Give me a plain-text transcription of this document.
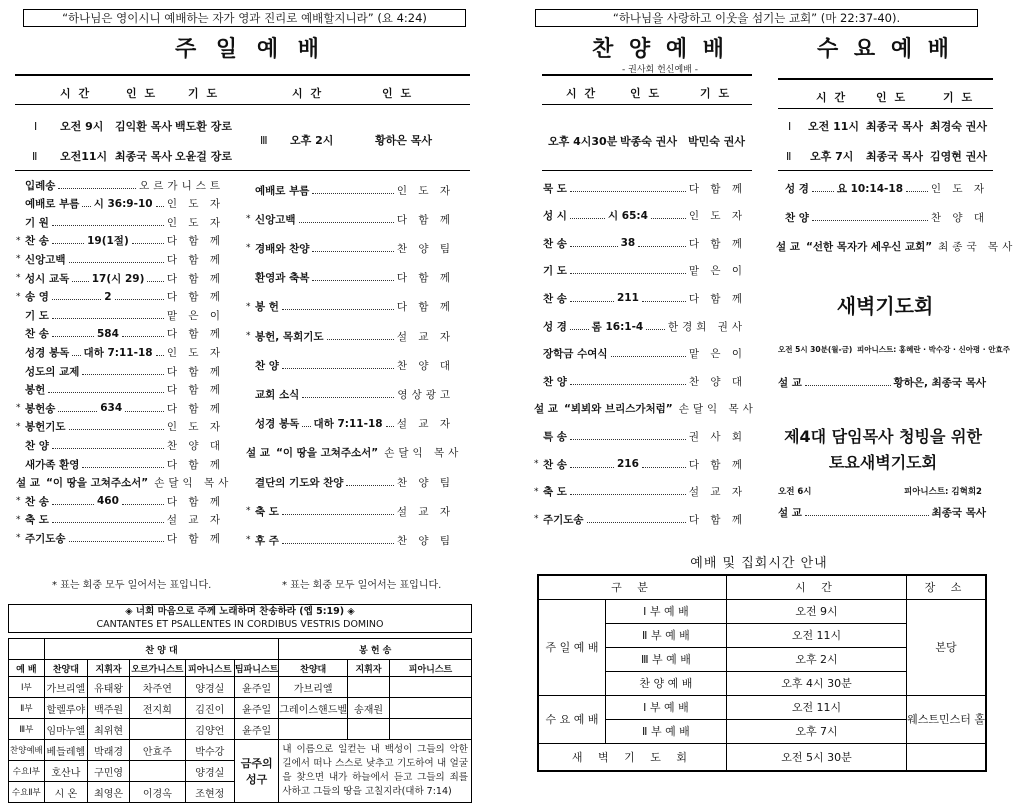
“하나님은 영이시니 예배하는 자가 영과 진리로 예배할지니라” (요 4:24)
주 일 예 배
시 간	인 도	기 도	시 간	인 도
Ⅰ 오전 9시 김익환 목사 백도환 장로
Ⅱ 오전11시 최종국 목사 오윤걸 장로
Ⅲ 오후 2시	황하은 목사
입례송	오르가니스트
예배로 부름 시 36:9-10 인 도 자
기 원	인 도 자
* 찬 송	19(1절)	다 함 께
* 신앙고백	다 함 께
* 성시 교독 17(시 29) 다 함 께
* 송 영	2	다 함 께
기 도	맡 은 이
찬 송	584	다 함 께
성경 봉독 대하 7:11-18 인 도 자
성도의 교제	다 함 께
봉헌	다 함 께
* 봉헌송	634	다 함 께
* 봉헌기도	인 도 자
찬 양	찬 양 대
새가족 환영	다 함 께
설 교 “이 땅을 고쳐주소서” 손달익 목사
* 찬 송	460	다 함 께
* 축 도	설 교 자
* 주기도송	다 함 께
예배로 부름	인 도 자
* 신앙고백	다 함 께
* 경배와 찬양	찬 양 팀
환영과 축복	다 함 께
* 봉 헌	다 함 께
* 봉헌, 목회기도	설 교 자
찬 양	찬 양 대
교회 소식	영상광고
성경 봉독 대하 7:11-18 설 교 자
설 교 “이 땅을 고쳐주소서” 손달익 목사
결단의 기도와 찬양	찬 양 팀
* 축 도	설 교 자
* 후 주	찬 양 팀
* 표는 회중 모두 일어서는 표입니다.	* 표는 회중 모두 일어서는 표입니다.
◈ 너희 마음으로 주께 노래하며 찬송하라 (엡 5:19) ◈
CANTANTES ET PSALLENTES IN CORDIBUS VESTRIS DOMINO
	찬 양 대					봉 헌 송		
예 배	찬양대	지휘자	오르가니스트	피아니스트	팀파니스트	찬양대	지휘자	피아니스트
Ⅰ부	가브리엘	유태왕	차주연	양경실	윤주일	가브리엘		
Ⅱ부	할렐루야	백주원	전지희	김진이	윤주일	그레이스핸드벨	송재원	
Ⅲ부	임마누엘	최위현		김양언	윤주일			
찬양예배	베들레헴	박래경	안효주	박수강	금주의 성구	내 이름으로 일컫는 내 백성이 그들의 악한 길에서 떠나 스스로 낮추고 기도하여 내 얼굴을 찾으면 내가 하늘에서 듣고 그들의 죄를 사하고 그들의 땅을 고칠지라(대하 7:14)		
수요Ⅰ부	호산나	구민영		양경실				
수요Ⅱ부	시 온	최영은	이경옥	조현정				
“하나님을 사랑하고 이웃을 섬기는 교회” (마 22:37-40).
찬 양 예 배
- 권사회 헌신예배 -
수 요 예 배
시 간	인 도	기 도
오후 4시30분 박종숙 권사 박민숙 권사
묵 도	다 함 께
성 시	시 65:4	인 도 자
찬 송	38	다 함 께
기 도	맡 은 이
찬 송	211	다 함 께
성 경 롬 16:1-4 한경희 권사
장학금 수여식	맡 은 이
찬 양	찬 양 대
설 교 “뵈뵈와 브리스가처럼” 손달익 목사
특 송	권 사 회
* 찬 송	216	다 함 께
* 축 도	설 교 자
* 주기도송	다 함 께
시 간	인 도	기 도
Ⅰ 오전 11시 최종국 목사 최경숙 권사
Ⅱ 오후 7시 최종국 목사 김영현 권사
성 경	요 10:14-18	인 도 자
찬 양	찬 양 대
설 교 “선한 목자가 세우신 교회” 최종국 목사
새벽기도회
오전 5시 30분(월-금) 피아니스트: 홍혜란 · 박수강 · 신아평 · 안효주
설 교	황하은, 최종국 목사
제4대 담임목사 청빙을 위한
토요새벽기도회
오전 6시	피아니스트: 김혁회2
설 교	최종국 목사
예배 및 집회시간 안내
구 분		시 간	장 소
주 일 예 배	Ⅰ 부 예 배	오전 9시	본당
	Ⅱ 부 예 배	오전 11시	
	Ⅲ 부 예 배	오후 2시	
	찬 양 예 배	오후 4시 30분	
수 요 예 배	Ⅰ 부 예 배	오전 11시	웨스트민스터 홀
	Ⅱ 부 예 배	오후 7시	
새 벽 기 도 회		오전 5시 30분	
